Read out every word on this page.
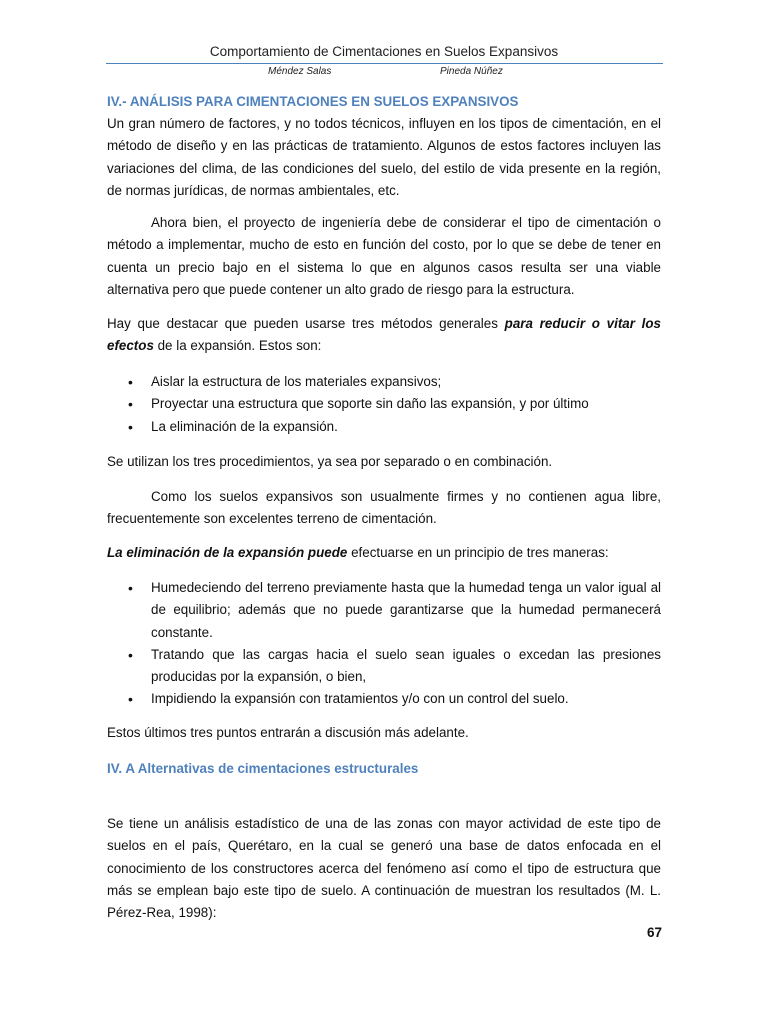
Comportamiento de Cimentaciones en Suelos Expansivos
Méndez Salas	Pineda Núñez

IV.- ANÁLISIS PARA CIMENTACIONES EN SUELOS EXPANSIVOS

Un gran número de factores, y no todos técnicos, influyen en los tipos de cimentación, en el método de diseño y en las prácticas de tratamiento. Algunos de estos factores incluyen las variaciones del clima, de las condiciones del suelo, del estilo de vida presente en la región, de normas jurídicas, de normas ambientales, etc.

Ahora bien, el proyecto de ingeniería debe de considerar el tipo de cimentación o método a implementar, mucho de esto en función del costo, por lo que se debe de tener en cuenta un precio bajo en el sistema lo que en algunos casos resulta ser una viable alternativa pero que puede contener un alto grado de riesgo para la estructura.

Hay que destacar que pueden usarse tres métodos generales para reducir o vitar los efectos de la expansión. Estos son:

• Aislar la estructura de los materiales expansivos;
• Proyectar una estructura que soporte sin daño las expansión, y por último
• La eliminación de la expansión.

Se utilizan los tres procedimientos, ya sea por separado o en combinación.

Como los suelos expansivos son usualmente firmes y no contienen agua libre, frecuentemente son excelentes terreno de cimentación.

La eliminación de la expansión puede efectuarse en un principio de tres maneras:

• Humedeciendo del terreno previamente hasta que la humedad tenga un valor igual al de equilibrio; además que no puede garantizarse que la humedad permanecerá constante.
• Tratando que las cargas hacia el suelo sean iguales o excedan las presiones producidas por la expansión, o bien,
• Impidiendo la expansión con tratamientos y/o con un control del suelo.

Estos últimos tres puntos entrarán a discusión más adelante.

IV. A Alternativas de cimentaciones estructurales

Se tiene un análisis estadístico de una de las zonas con mayor actividad de este tipo de suelos en el país, Querétaro, en la cual se generó una base de datos enfocada en el conocimiento de los constructores acerca del fenómeno así como el tipo de estructura que más se emplean bajo este tipo de suelo. A continuación de muestran los resultados (M. L. Pérez-Rea, 1998):

67
